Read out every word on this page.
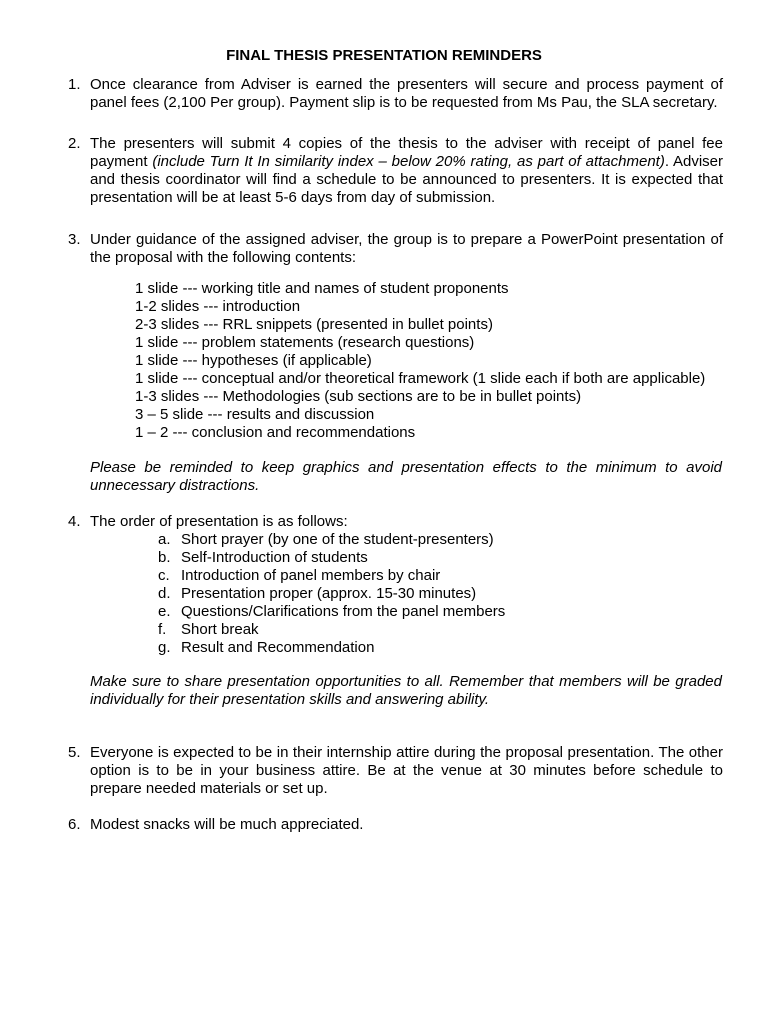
FINAL THESIS PRESENTATION REMINDERS
1. Once clearance from Adviser is earned the presenters will secure and process payment of panel fees (2,100 Per group). Payment slip is to be requested from Ms Pau, the SLA secretary.

2. The presenters will submit 4 copies of the thesis to the adviser with receipt of panel fee payment (include Turn It In similarity index – below 20% rating, as part of attachment). Adviser and thesis coordinator will find a schedule to be announced to presenters. It is expected that presentation will be at least 5-6 days from day of submission.

3. Under guidance of the assigned adviser, the group is to prepare a PowerPoint presentation of the proposal with the following contents:

1 slide --- working title and names of student proponents
1-2 slides --- introduction
2-3 slides --- RRL snippets (presented in bullet points)
1 slide --- problem statements (research questions)
1 slide --- hypotheses (if applicable)
1 slide --- conceptual and/or theoretical framework (1 slide each if both are applicable)
1-3 slides --- Methodologies (sub sections are to be in bullet points)
3 – 5 slide --- results and discussion
1 – 2 --- conclusion and recommendations
Please be reminded to keep graphics and presentation effects to the minimum to avoid unnecessary distractions.
4. The order of presentation is as follows:

a. Short prayer (by one of the student-presenters)
b. Self-Introduction of students
c. Introduction of panel members by chair
d. Presentation proper (approx. 15-30 minutes)
e. Questions/Clarifications from the panel members
f. Short break
g. Result and Recommendation
Make sure to share presentation opportunities to all. Remember that members will be graded individually for their presentation skills and answering ability.
5. Everyone is expected to be in their internship attire during the proposal presentation. The other option is to be in your business attire. Be at the venue at 30 minutes before schedule to prepare needed materials or set up.

6. Modest snacks will be much appreciated.
